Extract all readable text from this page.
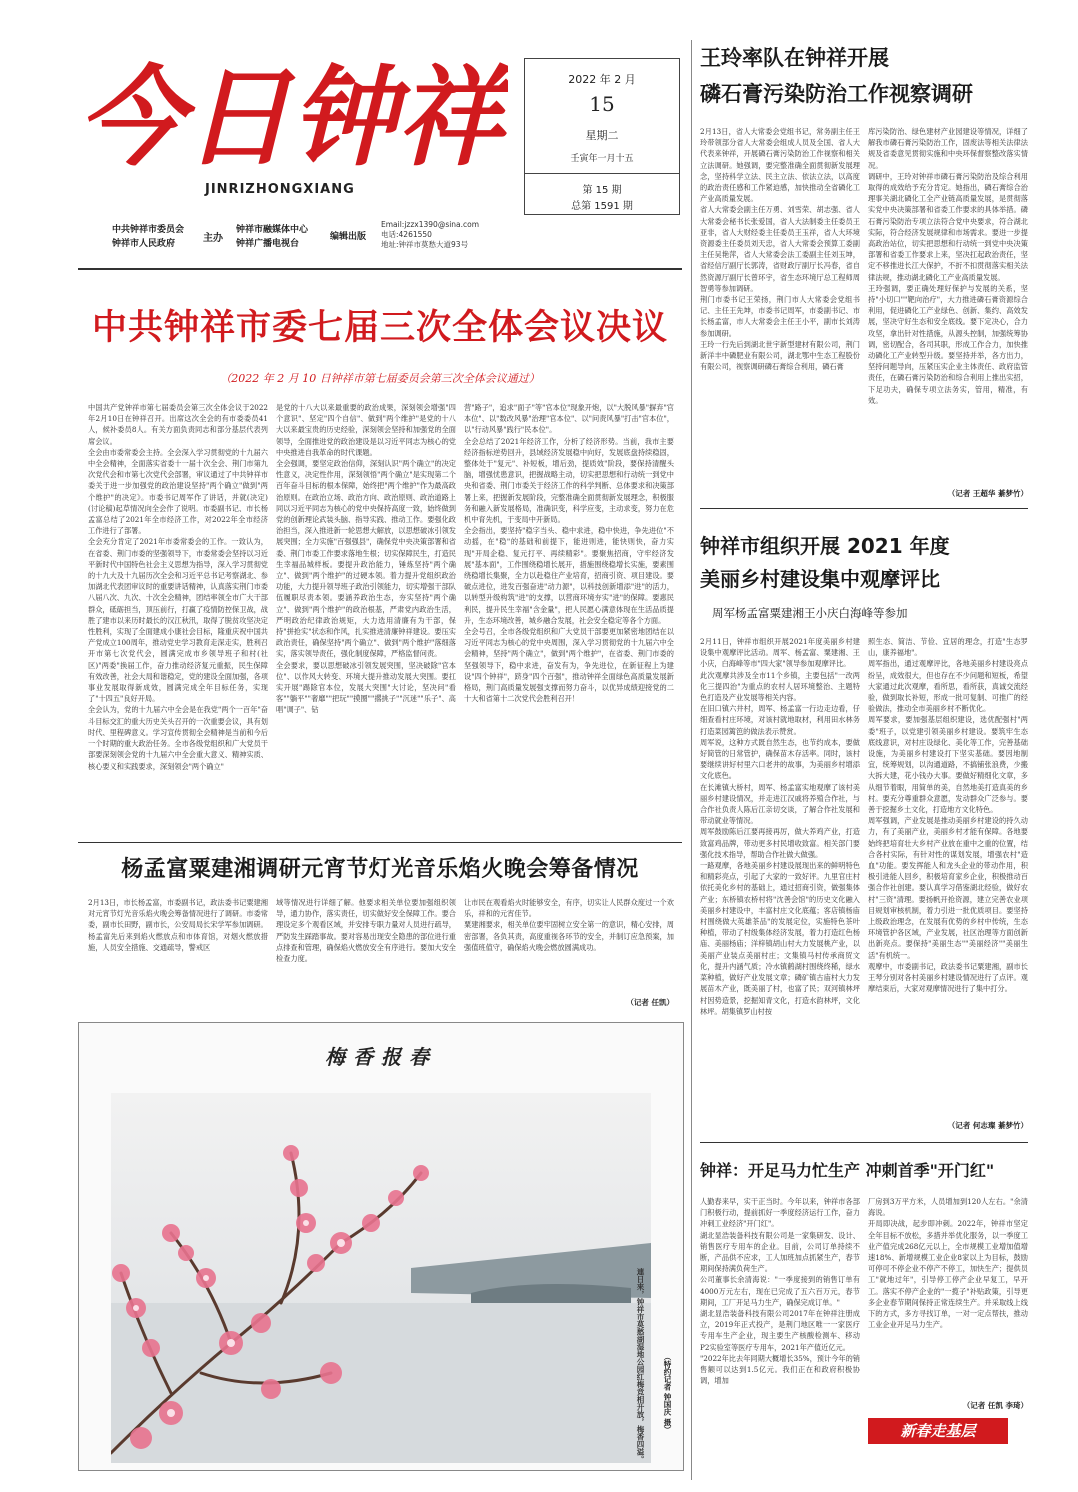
今日钟祥
JINRIZHONGXIANG
中共钟祥市委员会
钟祥市人民政府	主办
钟祥市融媒体中心
钟祥广播电视台
编辑出版
Email:jzzx1390@sina.com
电话:4261550
地址:钟祥市莫愁大道93号
2022 年 2 月
15
星期二
壬寅年一月十五
第 15 期
总第 1591 期
中共钟祥市委七届三次全体会议决议
（2022 年 2 月 10 日钟祥市第七届委员会第三次全体会议通过）
中国共产党钟祥市第七届委员会第三次全体会议于2022年2月10日在钟祥召开。出席这次全会的有市委委员41人，候补委员8人。有关方面负责同志和部分基层代表列席会议。
全会由市委常委会主持。全会深入学习贯彻党的十九届六中全会精神，全面落实省委十一届十次全会、荆门市第九次党代会和市第七次党代会部署，审议通过了中共钟祥市委关于进一步加强党的政治建设坚持"两个确立"做到"两个维护"的决定》。市委书记周军作了讲话，并就(决定)(讨论稿)起草情况向全会作了说明。市委副书记、市长杨孟富总结了2021年全市经济工作，对2022年全市经济工作进行了部署。
全会充分肯定了2021年市委常委会的工作。一致认为，在省委、荆门市委的坚强领导下，市委常委会坚持以习近平新时代中国特色社会主义思想为指导，深入学习贯彻党的十九大及十九届历次全会和习近平总书记考察湖北、参加湖北代表团审议时的重要讲话精神，认真落实荆门市委八届八次、九次、十次全会精神，团结率领全市广大干部群众，砥砺担当，顶压前行，打赢了疫情防控保卫战，战胜了建市以来历时最长的汉江秋汛，取得了脱贫攻坚决定性胜利，实现了全面建成小康社会目标，隆重庆祝中国共产党成立100周年，推动党史学习教育走深走实，胜利召开市第七次党代会，圆满完成市乡领导班子和村(社区)"两委"换届工作，奋力推动经济复元重振，民生保障有效改善，社会大局和谐稳定，党的建设全面加强，各项事业发展取得新成效，圆满完成全年目标任务，实现了"十四五"良好开局。
全会认为，党的十九届六中全会是在我党"两个一百年"奋斗目标交汇的重大历史关头召开的一次重要会议，具有划时代、里程碑意义。学习宣传贯彻全会精神是当前和今后一个时期的重大政治任务。全市各级党组织和广大党员干部要深刻领会党的十九届六中全会重大意义、精神实质、核心要义和实践要求，深刻领会"两个确立"
是党的十八大以来最重要的政治成果，深刻领会增强"四个意识"、坚定"四个自信"、做到"两个维护"是党的十八大以来最宝贵的历史经验，深刻领会坚持和加强党的全面领导，全面推进党的政治建设是以习近平同志为核心的党中央推进自我革命的时代课题。
全会强调，要坚定政治信仰，深刻认识"两个确立"的决定性意义，决定性作用，深刻领悟"两个确立"是实现第二个百年奋斗目标的根本保障，始终把"两个维护"作为最高政治原则。在政治立场、政治方向、政治原则、政治道路上同以习近平同志为核心的党中央保持高度一致，始终做到党的创新理论武装头脑、指导实践、推动工作。要强化政治担当，深入推进新一轮思想大解放，以思想破冰引领发展突围；全力实施"百强强县"，确保党中央决策部署和省委、荆门市委工作要求落地生根；切实保障民生，打造民生幸福品城样板。要提升政治能力，锤炼坚持"两个确立"、做到"两个维护"的过硬本领。着力提升党组织政治功能，大力提升领导班子政治引领能力，切实增强干部队伍履职尽责本领。要涵养政治生态，夯实坚持"两个确立"、做到"两个维护"的政治根基，严肃党内政治生活，严明政治纪律政治规矩，大力选用清廉有为干部，保持"拼抢实"状态和作风，扎实推进清廉钟祥建设。要压实政治责任，确保坚持"两个确立"、做到"两个维护"落细落实，落实领导责任，强化制度保障，严格监督问责。
全会要求，要以思想破冰引领发展突围，坚决破除"官本位"、以作风大转变、环境大提升推动发展大突围。要扛实开展"踢除官本位，发展大突围"大讨论，坚决问"看客""躺平""奢靡""把玩""摸圈""撂挑子""沉迷""乐子"、高唱"调子"、钻
营"路子"，追求"面子"等"官本位"现象开炮，以"大脱风暴"摒弃"官本位"、以"数改风暴"治理"官本位"、以"问责风暴"打击"官本位"，以"行动风暴"践行"民本位"。
全会总结了2021年经济工作，分析了经济形势。当前，我市主要经济指标逆势回升，县域经济发展稳中向好，发展底盘持续稳固，整体处于"复元"、补短板，增后劲，提质效"阶段，要保持清醒头脑，增强忧患意识，把握战略主动，切实把思想和行动统一到党中央和省委、荆门市委关于经济工作的科学判断、总体要求和决策部署上来，把握新发展阶段，完整准确全面贯彻新发展理念，积极服务和融入新发展格局，准确识变，科学应变，主动求变，努力在危机中育先机，于变局中开新局。
全会指出，要坚持"稳字当头、稳中求进，稳中快进，争先进位"不动摇，在"稳"的基础和前提下，能进则进，能快则快，奋力实现"开局企稳、复元打平、再续精彩"。要聚焦招商，守牢经济发展"基本面"，工作围绕稳增长展开，措施围绕稳增长实施，要素围绕稳增长集聚，全力以赴稳住产业培育，招商引资、项目建设。要破点进位，进发百强奋进"动力源"，以科技创新增添"进"的活力，以转型升级构筑"进"的支撑，以营商环境夯实"进"的保障。要惠民利民，提升民生幸福"含金量"，把人民愿心满意体现在生活品质提升，生态环境改善，城乡融合发展，社会安全稳定等各个方面。
全会号召，全市各级党组织和广大党员干部要更加紧密地团结在以习近平同志为核心的党中央周围，深入学习贯彻党的十九届六中全会精神，坚持"两个确立"，做到"两个维护"，在省委、荆门市委的坚强领导下，稳中求进，奋发有为，争先进位，在新征程上为建设"四个钟祥"，跻身"四个百强"，推动钟祥全面绿色高质量发展新格局，荆门高质量发展强支撑而努力奋斗，以优异成绩迎接党的二十大和省第十二次党代会胜利召开！
杨孟富粟建湘调研元宵节灯光音乐焰火晚会筹备情况
2月13日，市长杨孟富，市委副书记，政法委书记粟建湘对元宵节灯光音乐焰火晚会筹备情况进行了调研。市委常委，副市长田野，副市长，公安局局长宋学军参加调研。
杨孟富先后来到焰火燃放点和市体育馆，对烟火燃放措施，人员安全措施、交通疏导，警戒区
域等情况进行详细了解。他要求相关单位要加强组织领导，通力协作，落实责任，切实做好安全保障工作。要合理设定多个观看区域，并安排专职力量对人员进行疏导，严防发生踩踏事故。要对容易出现安全隐患的部位进行重点排查和管理，确保焰火燃放安全有序进行。要加大安全检查力度。
让市民在观看焰火时能够安全，有序，切实让人民群众度过一个欢乐，祥和的元宵佳节。
粟建湘要求，相关单位要牢固树立安全第一的意识，精心安排，周密部署，各负其责，高度重视各环节的安全，并制订应急预案，加强值班值守，确保焰火晚会燃放圆满成功。
（记者 任凯）
梅香报春
連日來，钟祥市莫愁湖湿地公园红梅竞相开放，梅香四溢。	（特约记者 钟国庆 摄）
王玲率队在钟祥开展
磷石膏污染防治工作视察调研
2月13日，省人大常委会党组书记，常务副主任王玲带领部分省人大常委会组成人员及全国、省人大代表来钟祥，开展磷石膏污染防治工作视察和相关立法调研。她强调，要完整准确全面贯彻新发展理念，坚持科学立法、民主立法、依法立法，以高度的政治责任感和工作紧迫感，加快推动全省磷化工产业高质量发展。
省人大常委会副主任万勇、刘雪荣、胡志强、省人大常委会秘书长张爱国，省人大法制委主任委员王亚非，省人大财经委主任委员王玉祥，省人大环境资源委主任委员刘天忠，省人大常委会预算工委副主任吴艳萍，省人大常委会法工委副主任刘玉坤，省经信厅副厅长郭涛，省财政厅副厅长冯春，省自然资源厅副厅长曾环宇，省生态环境厅总工程师周智勇等参加调研。
荆门市委书记王荣扬，荆门市人大常委会党组书记、主任王先坤，市委书记周军，市委副书记、市长杨孟富，市人大常委会主任王小平，副市长刘涛参加调研。
王玲一行先后到湖北世宇新型建材有限公司，荆门新洋丰中磷肥业有限公司，湖北鄂中生态工程股份有限公司，视察调研磷石膏综合利用，磷石膏
库污染防治、绿色建材产业园建设等情况，详细了解我市磷石膏污染防治工作，固废法等相关法律法规及省委意见贯彻实施和中央环保督察整改落实情况。
调研中，王玲对钟祥市磷石膏污染防治及综合利用取得的成效给予充分肯定。她指出，磷石膏综合治理事关湖北磷化工全产业链高质量发展，是贯彻落实党中央决策部署和省委工作要求的具体举措。磷石膏污染防治专项立法符合党中央要求，符合湖北实际，符合经济发展规律和市场需求。要进一步提高政治站位，切实把思想和行动统一到党中央决策部署和省委工作要求上来，坚决扛起政治责任，坚定不移推进长江大保护，不折不扣贯彻落实相关法律法规，推动湖北磷化工产业高质量发展。
王玲强调，要正确处理好保护与发展的关系，坚持"小切口""靶向治疗"，大力推进磷石膏资源综合利用，促进磷化工产业绿色、创新、集约、高效发展，坚决守好生态和安全底线。要下定决心，合力攻坚，拿出针对性措施，从源头控制，加强统筹协调，密切配合，各司其职，形成工作合力，加快推动磷化工产业转型升级。要坚持并举，各方出力，坚持问题导向，压紧压实企业主体责任、政府监管责任，在磷石膏污染防治和综合利用上推出实招，下足功夫，确保专项立法务实，管用，精准，有效。
（记者 王超华 綦梦竹）
钟祥市组织开展 2021 年度
美丽乡村建设集中观摩评比
周军杨孟富粟建湘王小庆白海峰等参加
2月11日，钟祥市组织开展2021年度美丽乡村建设集中观摩评比活动。周军、杨孟富、粟建湘、王小庆，白海峰等市"四大家"领导参加观摩评比。
此次观摩共涉及全市11个乡镇，主要包括"一改两化三提四治"为重点的农村人居环境整治、主题特色打造及产业发展等相关内容。
在旧口镇六井村，周军、杨孟富一行边走边看，仔细查看村庄环境，对该村就地取材，利用田水林务打造菜园篱笆的做法表示赞赏。
周军说，这种方式既自然生态，也节约成本，要做好简管的日常管护，确保苗木存活率。同时，该村要继续讲好村里六口老井的故事，为美丽乡村增添文化底色。
在长滩镇大桥村，周军、杨孟富实地观摩了该村美丽乡村建设情况，并走进江汉戚将养殖合作社，与合作社负责人陈后江亲切交谈，了解合作社发展和带动就业等情况。
周军鼓励陈后江要再接再厉，做大养鸡产业，打造致富鸡品牌，带动更多村民增收致富。相关部门要强化技术指导，帮助合作社做大做强。
一路观摩，各地美丽乡村建设展现出来的鲜明特色和精彩亮点，引起了大家的一致好评。九里官庄村依托美化乡村的基础上，通过招商引资，做强集体产业；东桥镇农桥村将"沈善会馆"的历史文化融入美丽乡村建设中，丰富村庄文化底蕴；客店镇杨庙村围绕做大英雄茶品"的发展定位，实施特色茶叶种植，带动了村级集体经济发展，着力打造红色杨庙、美丽杨庙；洋梓镇胡山村大力发展桃产业，以美丽产业装点美丽村庄；文集镇马村传承商贸文化，提升内涵气质；冷水镇鹤湖村围绕终稀，绿水菜种植，做好产业发展文章；磷矿镇古庙村大力发展苗木产业，既美丽了村，也富了民；双河镇林坪村因势造景，挖掘知青文化，打造水韵林坪，文化林坪。胡集镇罗山村按
照生态、简洁、节俭、宜居的理念，打造"生态罗山，康养福地"。
周军指出，通过观摩评比，各地美丽乡村建设亮点纷呈，成效很大，但也存在不少问题和短板，希望大家通过此次观摩，看所思，看所获，真诚交流经验，做到取长补短，形成一批可复制、可推广的经验做法，推动全市美丽乡村不断优化。
周军要求，要加强基层组织建设，选优配强村"两委"班子，以党建引领美丽乡村建设。要筑牢生态底线意识，对村庄设绿化、美化等工作，完善基础设施，为美丽乡村建设打下坚实基础。要因地制宜，统筹规划，以沟通道路，不搞铺张浪费，少搬大拆大建，花小钱办大事。要做好精细化文章，多从细节着眼，用简单的美，自然地美打造真美的乡村。要充分尊重群众意愿，发动群众广泛参与。要善于挖掘乡土文化，打造地方文化特色。
周军强调，产业发展是推动美丽乡村建设的持久动力，有了美丽产业，美丽乡村才能有保障。各地要始终把培育壮大乡村产业放在重中之重的位置，结合各村实际，有针对性的谋划发展，增强农村"造血"功能。要发挥能人和龙头企业的带动作用，积极引进能人回乡，积极培育家乡企业，积极推动百强合作社创建。要认真学习借鉴湖北经验，做好农村"三资"清理。要扬帆开抢资源，建立完善农业项目规划审核机制，着力引进一批优质项目。要坚持上级政治理念，在发展有优势的乡村中传统，生态环境管护各区域，产业发展，社区治理等方面创新出新亮点。要保持"美丽生态""美丽经济""美丽生活"有机统一。
观摩中，市委副书记，政法委书记粟建湘，副市长王琴分别对各村美丽乡村建设情况进行了点评。观摩结束后，大家对观摩情况进行了集中打分。
（记者 何志璨 綦梦竹）
钟祥：开足马力忙生产 冲刺首季"开门红"
人勤春来早，实干正当时。今年以来，钟祥市各部门积极行动，提前抓好一季度经济运行工作，奋力冲刺工业经济"开门红"。
湖北显浩装备科技有限公司是一家集研发、设计、销售医疗专用车的企业。目前，公司订单持续不断，产品供不应求，工人加班加点抓紧生产，春节期间保持满负荷生产。
公司董事长余清海说："一季度接到的销售订单有4000万元左右，现在已完成了五六百万元，春节期间，工厂开足马力生产，确保完成订单。"
湖北显浩装备科技有限公司2017年在钟祥注册成立，2019年正式投产，是荆门地区唯一一家医疗专用车生产企业，现主要生产核酸检测车、移动P2实验室等医疗专用车，2021年产值近亿元。
"2022年比去年同期大概增长35%，预计今年的销售额可以达到1.5亿元。我们正在和政府积极协调，增加
厂房到3万平方米，人员增加到120人左右。"余清海说。
开局即决战，起步即冲刺。2022年，钟祥市坚定全年目标不放松，多措并举优化服务，以一季度工业产值完成268亿元以上，全市规模工业增加值增速18%、新增规模工业企业8家以上为目标，鼓励可停可不停企业不停产不停工，加快生产；提供员工"就地过年"，引导停工停产企业早复工，早开工。落实不停产企业的"一揽子"补贴政策，引导更多企业春节期间保持正常连续生产。并采取线上线下的方式，多方寻找订单，一对一定点帮扶，推动工业企业开足马力生产。
（记者 任凯 李琦）
新春走基层
